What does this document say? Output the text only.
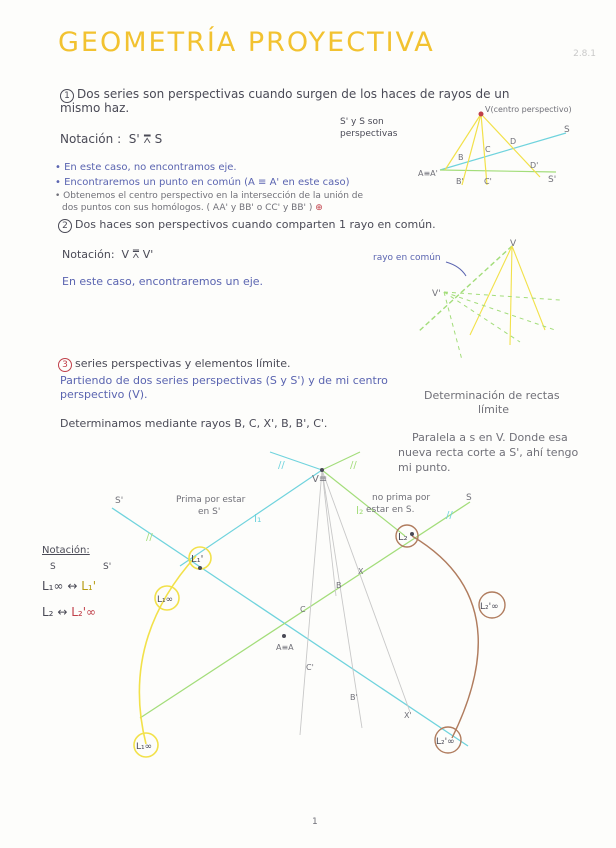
GEOMETRÍA PROYECTIVA	2.8.1
1 Dos series son perspectivas cuando surgen de los haces de rayos de un
mismo haz.
Notación : S' ⩞ S
S' y S son
perspectivas
• En este caso, no encontramos eje.
• Encontraremos un punto en común (A ≡ A' en este caso)
• Obtenemos el centro perspectivo en la intersección de la unión de
dos puntos con sus homólogos. ( AA' y BB' o CC' y BB' ) ⊕
2 Dos haces son perspectivos cuando comparten 1 rayo en común.
Notación: V ⩞ V'
En este caso, encontraremos un eje.
3 series perspectivas y elementos límite.
Partiendo de dos series perspectivas (S y S') y de mi centro
perspectivo (V).
Determinamos mediante rayos B, C, X', B, B', C'.
Determinación de rectas
límite
Paralela a s en V. Donde esa
nueva recta corte a S', ahí tengo
mi punto.
Notación:
S	S'
L₁∞ ↔ L₁'
L₂ ↔ L₂'∞
1
V(centro perspectivo)
S
S'
A≡A'
B
C
D
B'	C'
D'
rayo en común
V
V'
//	//
//
//
V≡
S'	S
Prima por estar
en S'
no prima por
estar en S.
l₁
l₂
L₁'
L₁∞
L₁∞
L₂
L₂'∞
L₂'∞
A≡A
B
C
X
C'
B'
X'
